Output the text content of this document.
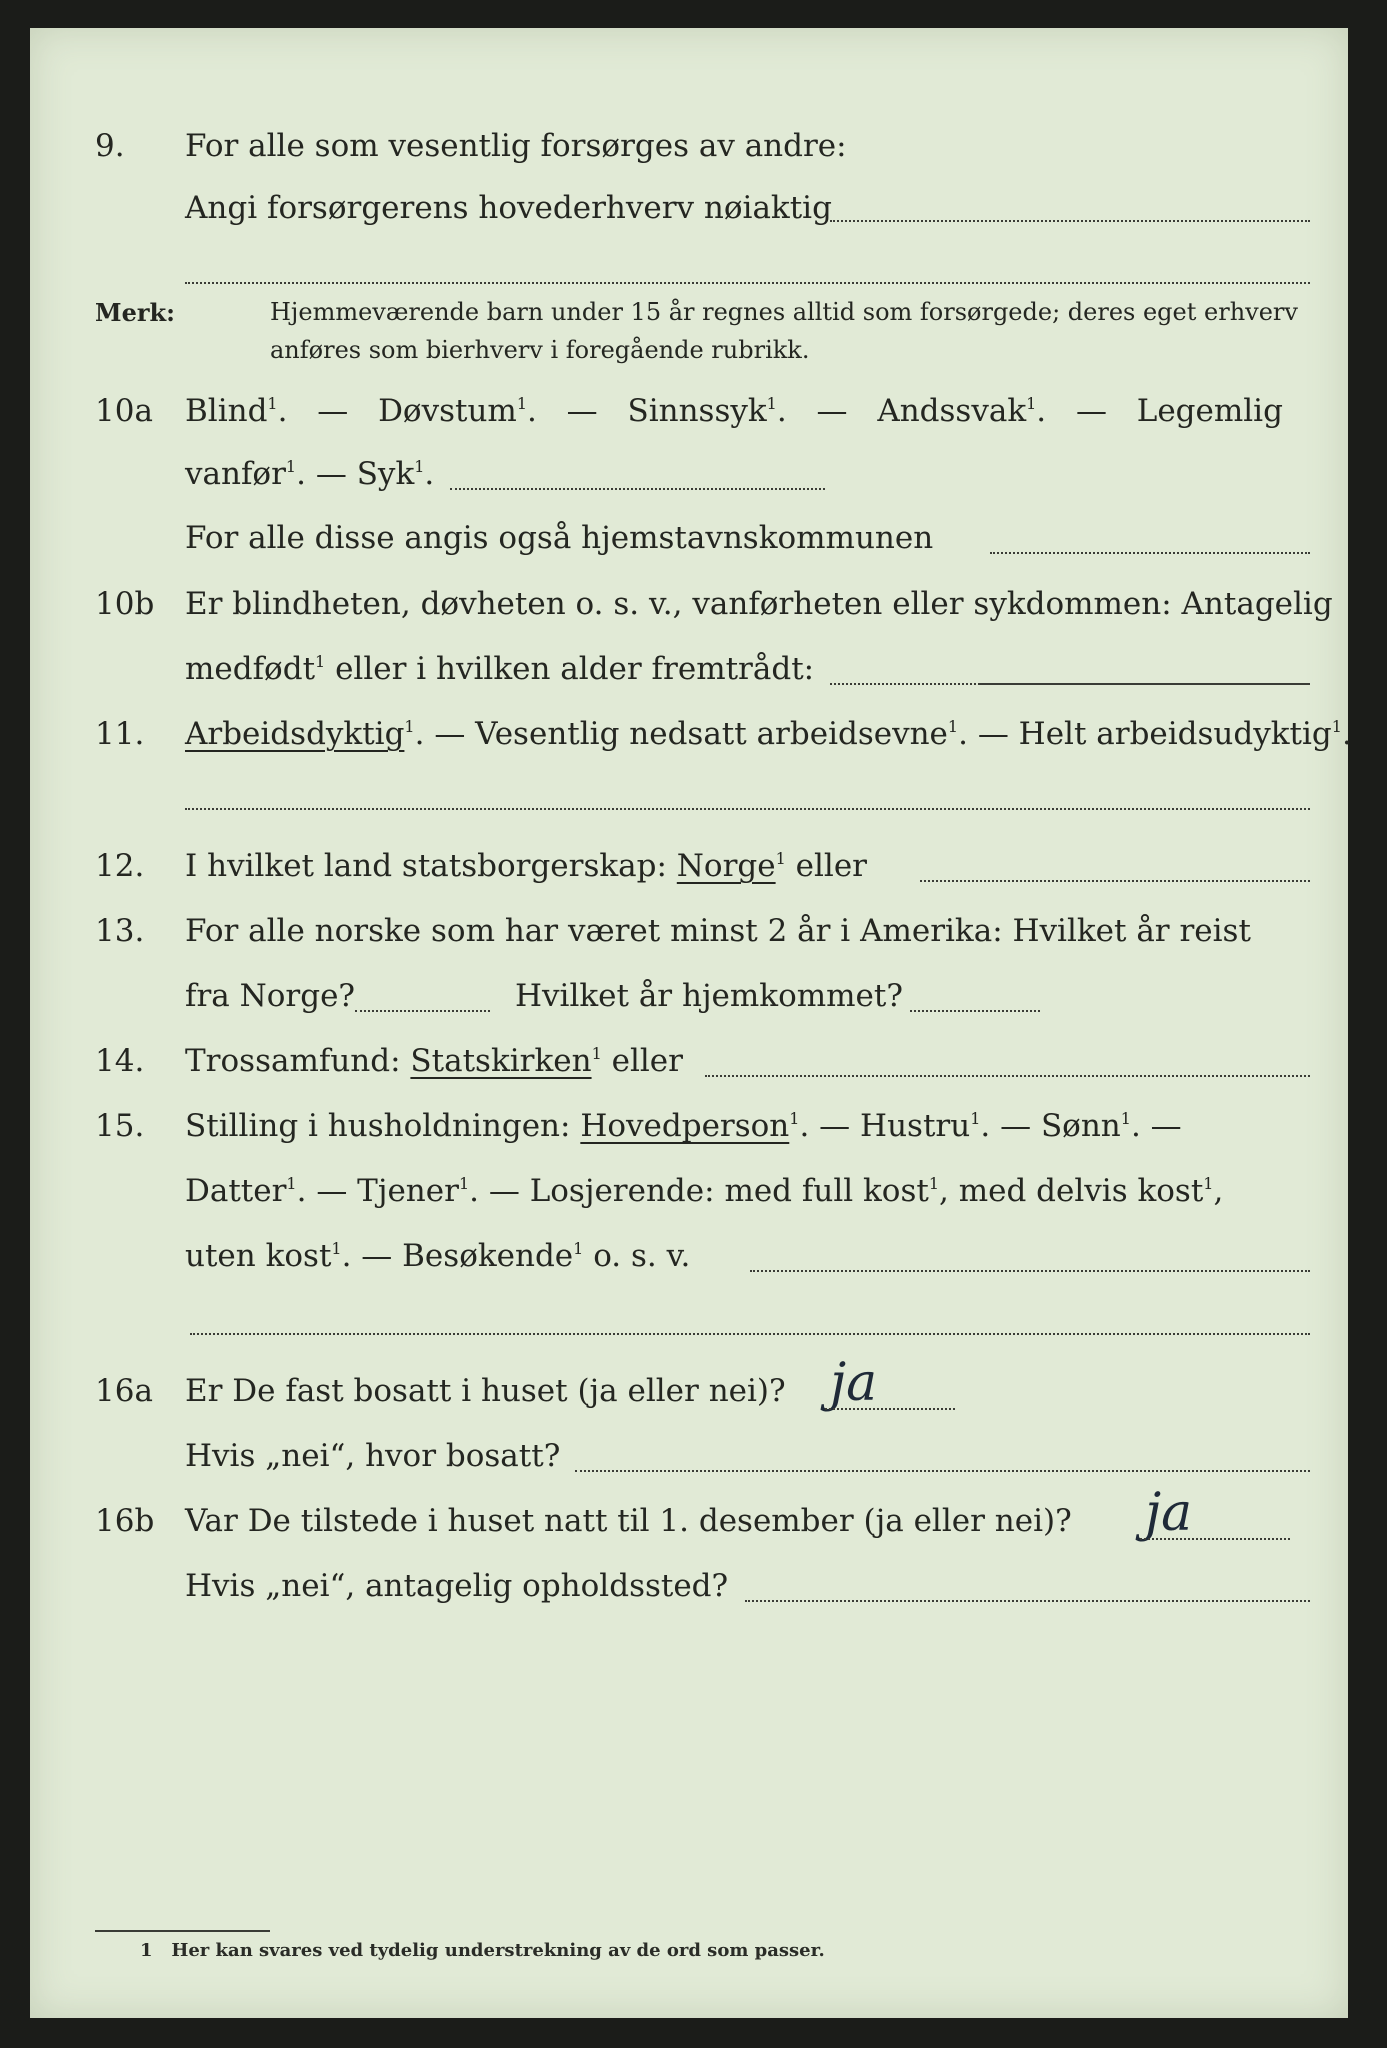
9. For alle som vesentlig forsørges av andre:
Angi forsørgerens hovederhverv nøiaktig
Merk:	Hjemmeværende barn under 15 år regnes alltid som forsørgede; deres eget erhverv
anføres som bierhverv i foregående rubrikk.
10a Blind$^1$. — Døvstum$^1$. — Sinnssyk$^1$. — Andssvak$^1$. — Legemlig
vanfør$^1$. — Syk$^1$.
For alle disse angis også hjemstavnskommunen
10b Er blindheten, døvheten o. s. v., vanførheten eller sykdommen: Antagelig
medfødt$^1$ eller i hvilken alder fremtrådt:
11. Arbeidsdyktig$^1$. — Vesentlig nedsatt arbeidsevne$^1$. — Helt arbeidsudyktig$^1$.
12. I hvilket land statsborgerskap: Norge$^1$ eller
13. For alle norske som har været minst 2 år i Amerika: Hvilket år reist
fra Norge?	Hvilket år hjemkommet?
14. Trossamfund: Statskirken$^1$ eller
15. Stilling i husholdningen: Hovedperson$^1$. — Hustru$^1$. — Sønn$^1$. —
Datter$^1$. — Tjener$^1$. — Losjerende: med full kost$^1$, med delvis kost$^1$,
uten kost$^1$. — Besøkende$^1$ o. s. v.
16a Er De fast bosatt i huset (ja eller nei)? ja
Hvis „nei“, hvor bosatt?
16b Var De tilstede i huset natt til 1. desember (ja eller nei)? ja
Hvis „nei“, antagelig opholdssted?
1 Her kan svares ved tydelig understrekning av de ord som passer.
